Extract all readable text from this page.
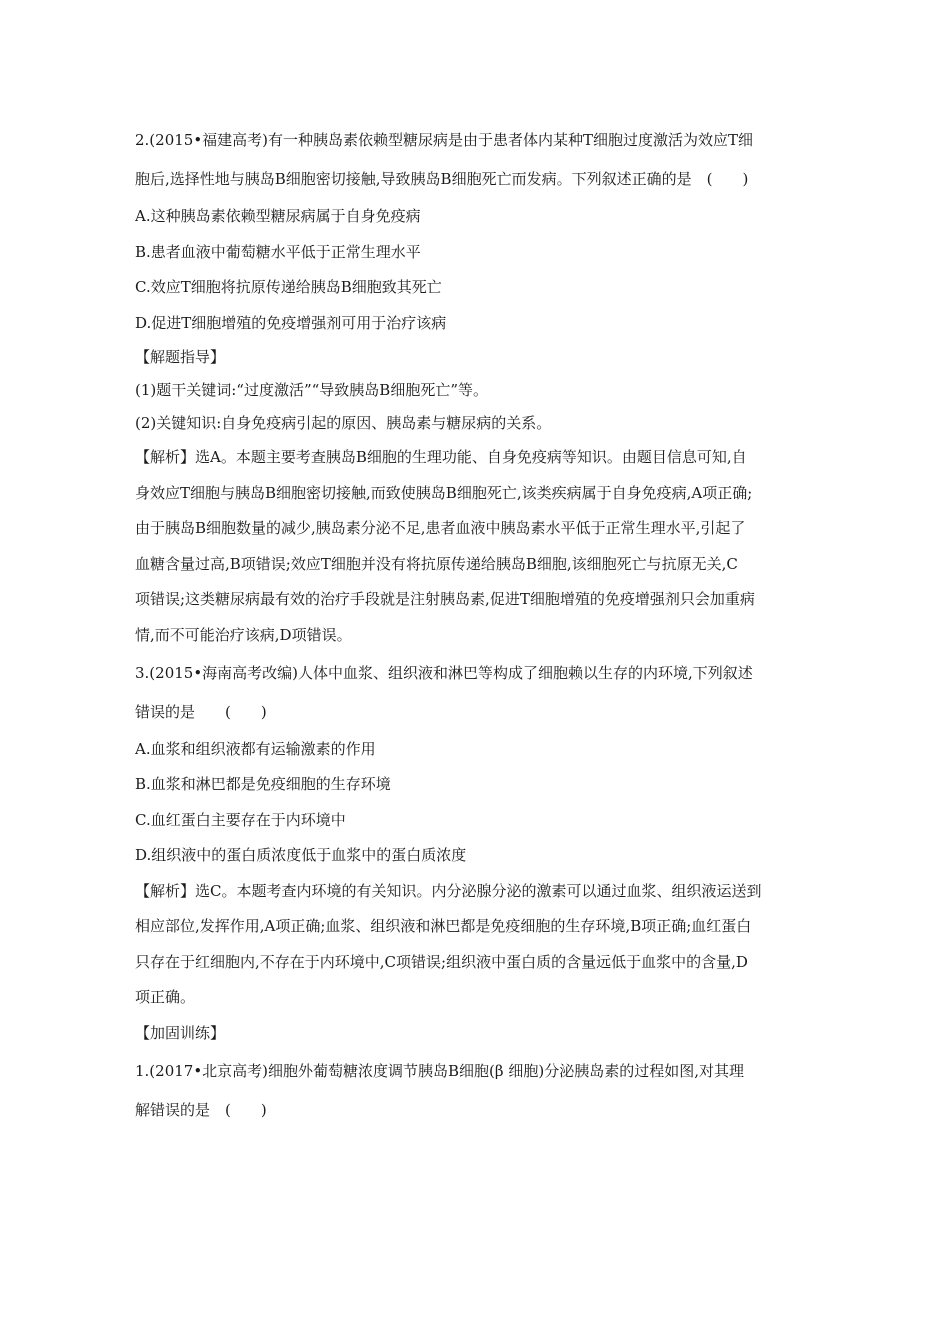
2.(2015•福建高考)有一种胰岛素依赖型糖尿病是由于患者体内某种T细胞过度激活为效应T细
胞后,选择性地与胰岛B细胞密切接触,导致胰岛B细胞死亡而发病。下列叙述正确的是　(　　)
A.这种胰岛素依赖型糖尿病属于自身免疫病
B.患者血液中葡萄糖水平低于正常生理水平
C.效应T细胞将抗原传递给胰岛B细胞致其死亡
D.促进T细胞增殖的免疫增强剂可用于治疗该病
【解题指导】
(1)题干关键词:“过度激活”“导致胰岛B细胞死亡”等。
(2)关键知识:自身免疫病引起的原因、胰岛素与糖尿病的关系。
【解析】选A。本题主要考查胰岛B细胞的生理功能、自身免疫病等知识。由题目信息可知,自
身效应T细胞与胰岛B细胞密切接触,而致使胰岛B细胞死亡,该类疾病属于自身免疫病,A项正确;
由于胰岛B细胞数量的减少,胰岛素分泌不足,患者血液中胰岛素水平低于正常生理水平,引起了
血糖含量过高,B项错误;效应T细胞并没有将抗原传递给胰岛B细胞,该细胞死亡与抗原无关,C
项错误;这类糖尿病最有效的治疗手段就是注射胰岛素,促进T细胞增殖的免疫增强剂只会加重病
情,而不可能治疗该病,D项错误。
3.(2015•海南高考改编)人体中血浆、组织液和淋巴等构成了细胞赖以生存的内环境,下列叙述
错误的是　　(　　)
A.血浆和组织液都有运输激素的作用
B.血浆和淋巴都是免疫细胞的生存环境
C.血红蛋白主要存在于内环境中
D.组织液中的蛋白质浓度低于血浆中的蛋白质浓度
【解析】选C。本题考查内环境的有关知识。内分泌腺分泌的激素可以通过血浆、组织液运送到
相应部位,发挥作用,A项正确;血浆、组织液和淋巴都是免疫细胞的生存环境,B项正确;血红蛋白
只存在于红细胞内,不存在于内环境中,C项错误;组织液中蛋白质的含量远低于血浆中的含量,D
项正确。
【加固训练】
1.(2017•北京高考)细胞外葡萄糖浓度调节胰岛B细胞(β 细胞)分泌胰岛素的过程如图,对其理
解错误的是　(　　)
